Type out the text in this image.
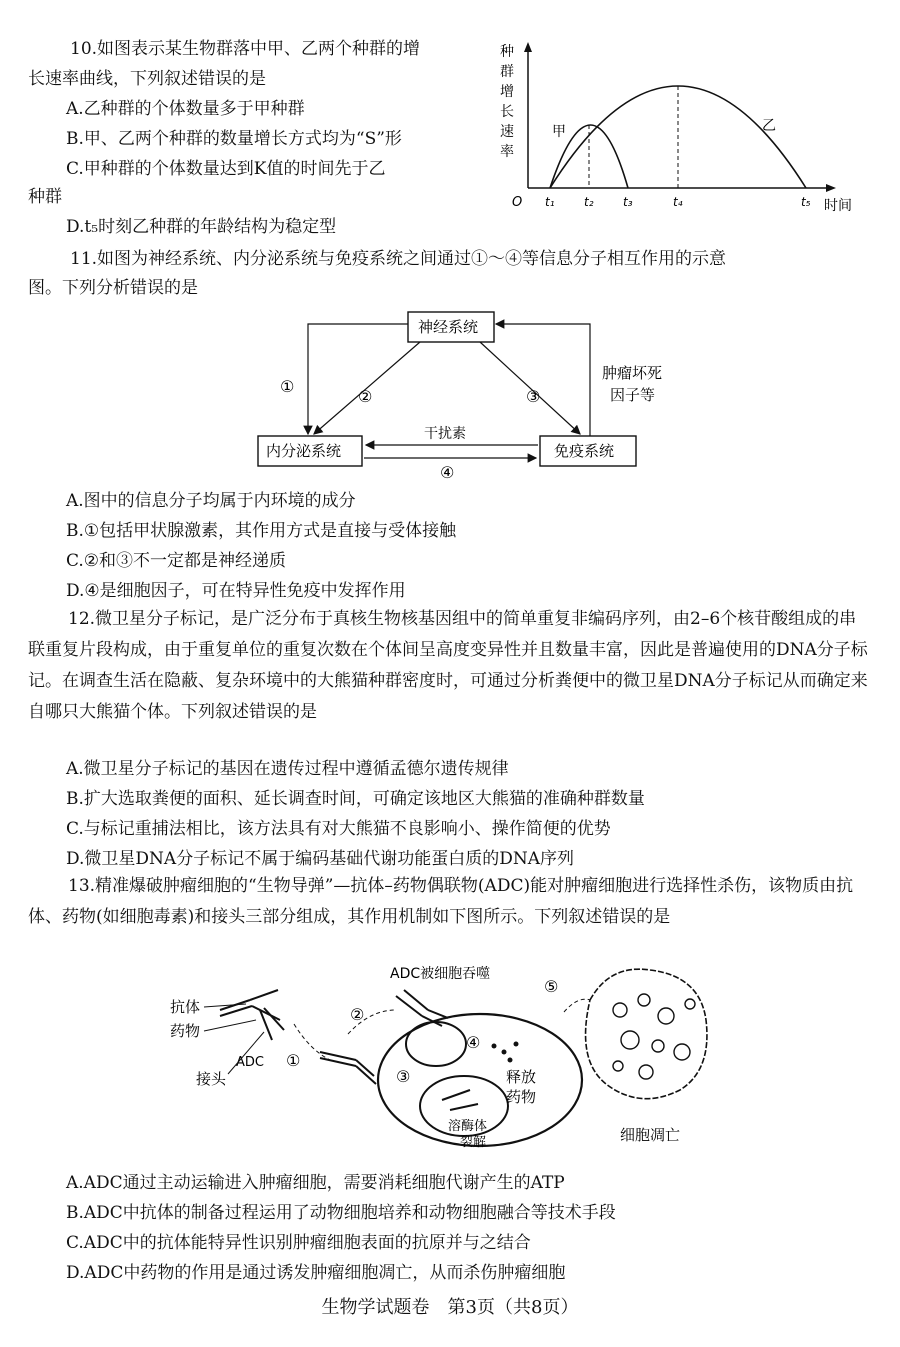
10.如图表示某生物群落中甲、乙两个种群的增
长速率曲线，下列叙述错误的是
A.乙种群的个体数量多于甲种群
B.甲、乙两个种群的数量增长方式均为“S”形
C.甲种群的个体数量达到K值的时间先于乙
种群
D.t₅时刻乙种群的年龄结构为稳定型
种
群
增
长
速
率
O	时间
甲	乙
t₁ t₂ t₃	t₄	t₅
11.如图为神经系统、内分泌系统与免疫系统之间通过①～④等信息分子相互作用的示意
图。下列分析错误的是
神经系统
内分泌系统	免疫系统
①
②	③
肿瘤坏死
因子等
干扰素
④
A.图中的信息分子均属于内环境的成分
B.①包括甲状腺激素，其作用方式是直接与受体接触
C.②和③不一定都是神经递质
D.④是细胞因子，可在特异性免疫中发挥作用
12.微卫星分子标记，是广泛分布于真核生物核基因组中的简单重复非编码序列，由2–6个核苷酸组成的串联重复片段构成，由于重复单位的重复次数在个体间呈高度变异性并且数量丰富，因此是普遍使用的DNA分子标记。在调查生活在隐蔽、复杂环境中的大熊猫种群密度时，可通过分析粪便中的微卫星DNA分子标记从而确定来自哪只大熊猫个体。下列叙述错误的是
A.微卫星分子标记的基因在遗传过程中遵循孟德尔遗传规律
B.扩大选取粪便的面积、延长调查时间，可确定该地区大熊猫的准确种群数量
C.与标记重捕法相比，该方法具有对大熊猫不良影响小、操作简便的优势
D.微卫星DNA分子标记不属于编码基础代谢功能蛋白质的DNA序列
13.精准爆破肿瘤细胞的“生物导弹”—抗体–药物偶联物(ADC)能对肿瘤细胞进行选择性杀伤，该物质由抗体、药物(如细胞毒素)和接头三部分组成，其作用机制如下图所示。下列叙述错误的是
抗体
药物
ADC
接头
①
②
ADC被细胞吞噬
③
④
释放
药物
溶酶体
裂解
⑤
细胞凋亡
A.ADC通过主动运输进入肿瘤细胞，需要消耗细胞代谢产生的ATP
B.ADC中抗体的制备过程运用了动物细胞培养和动物细胞融合等技术手段
C.ADC中的抗体能特异性识别肿瘤细胞表面的抗原并与之结合
D.ADC中药物的作用是通过诱发肿瘤细胞凋亡，从而杀伤肿瘤细胞
生物学试题卷　第3页（共8页）
